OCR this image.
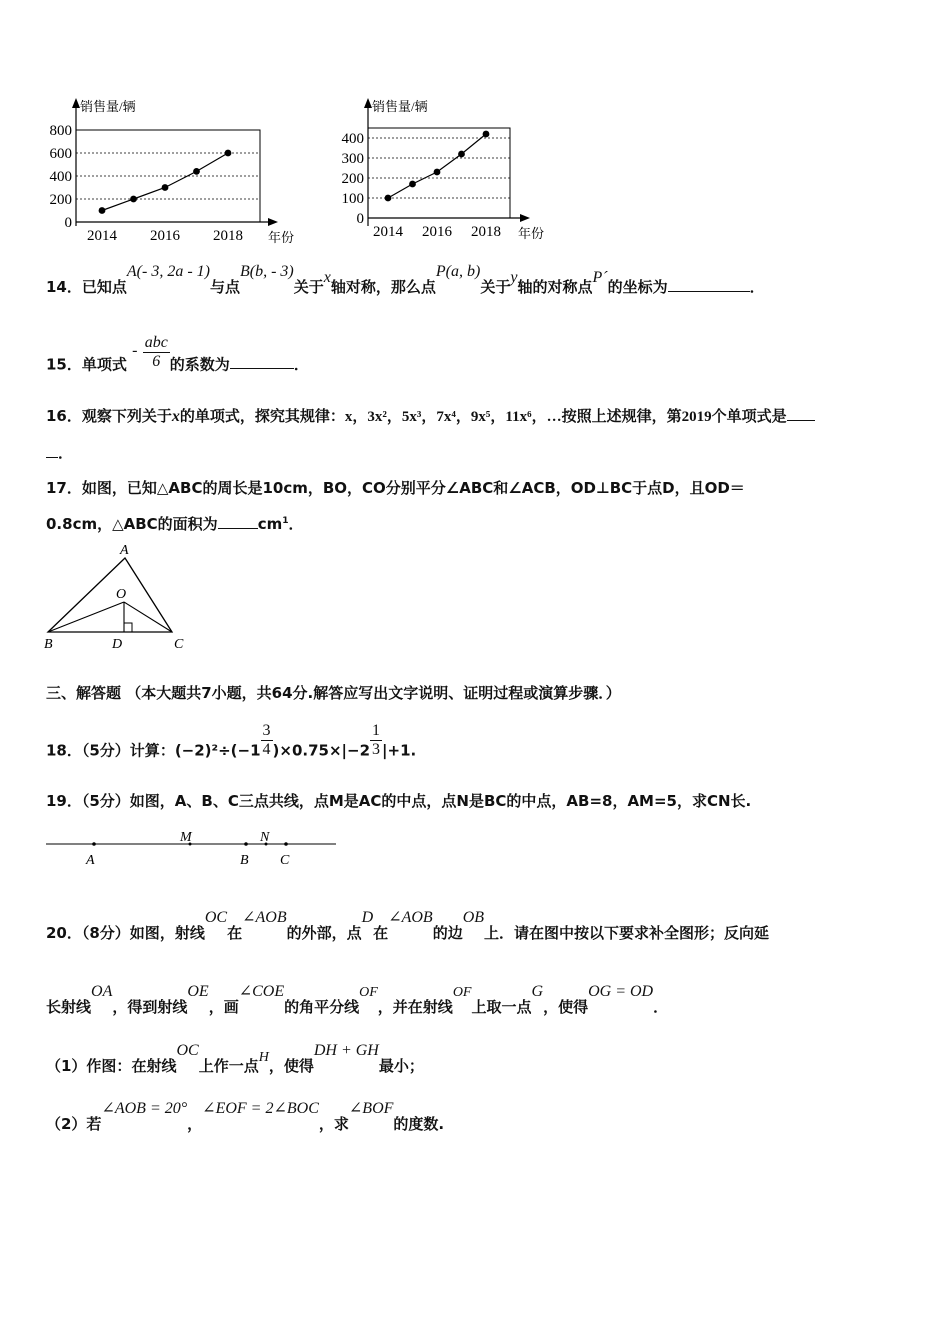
销售量/辆
800
600
400
200
0
2014 2016 2018 年份
销售量/辆
400
300
200
100
0
2014 2016 2018 年份
14．已知点A(- 3, 2a - 1)与点B(b, - 3)关于x轴对称，那么点P(a, b)关于y轴的对称点P´的坐标为	．
15．单项式 - $\frac{\text{abc}}{6}$ 的系数为	．
16．观察下列关于x的单项式，探究其规律：x，3x²，5x³，7x⁴，9x⁵，11x⁶，…按照上述规律，第2019个单项式是
．
17．如图，已知△ABC的周长是10cm，BO，CO分别平分∠ABC和∠ACB，OD⊥BC于点D，且OD＝
0.8cm，△ABC的面积为	$cm^1$．
A
O
B	D	C
三、解答题 （本大题共7小题，共64分.解答应写出文字说明、证明过程或演算步骤．）
18．（5分）计算：$(-2)^2\div(-1 \frac{3}{4} )\times 0.75\times|-2 \frac{1}{3} |+1$.
19．（5分）如图，A、B、C三点共线，点M是AC的中点，点N是BC的中点，AB=8，AM=5，求CN长.
A
M
B
N
C
20．（8分）如图，射线OC在∠AOB的外部，点D在∠AOB的边OB上．请在图中按以下要求补全图形；反向延
长射线OA，得到射线OE，画∠COE的角平分线OF，并在射线OF上取一点G，使得OG = OD．
（1）作图：在射线OC上作一点H，使得DH + GH最小；
（2）若∠AOB = 20°，∠EOF = 2∠BOC，求∠BOF的度数.
